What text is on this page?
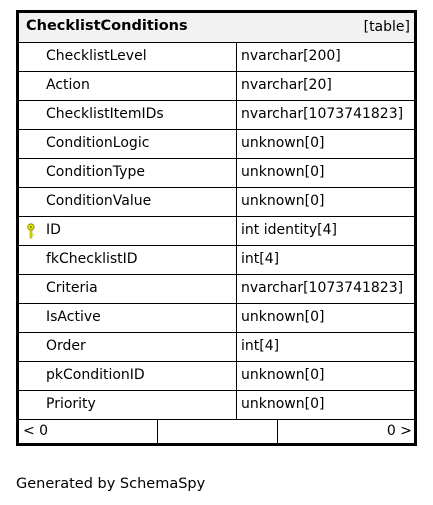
ChecklistConditions	[table]
ChecklistLevel	nvarchar[200]
Action	nvarchar[20]
ChecklistItemIDs	nvarchar[1073741823]
ConditionLogic	unknown[0]
ConditionType	unknown[0]
ConditionValue	unknown[0]
ID	int identity[4]
fkChecklistID	int[4]
Criteria	nvarchar[1073741823]
IsActive	unknown[0]
Order	int[4]
pkConditionID	unknown[0]
Priority	unknown[0]
< 0	0 >
Generated by SchemaSpy
